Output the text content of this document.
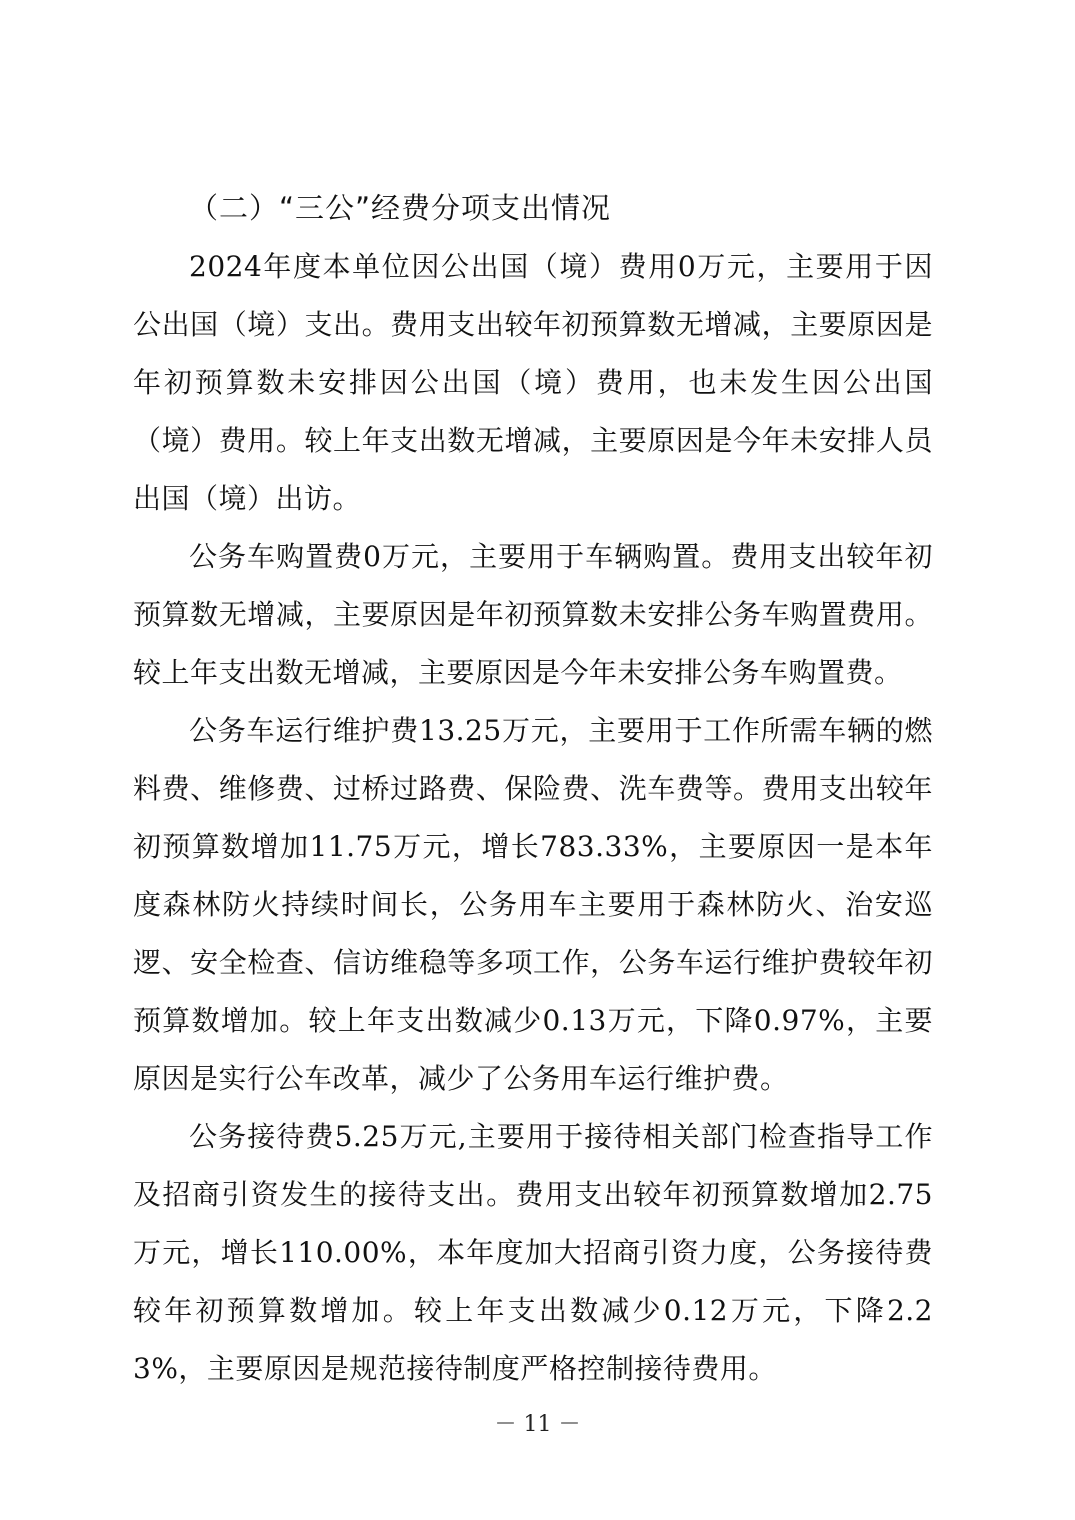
（二）“三公”经费分项支出情况

2024年度本单位因公出国（境）费用0万元，主要用于因公出国（境）支出。费用支出较年初预算数无增减，主要原因是年初预算数未安排因公出国（境）费用，也未发生因公出国（境）费用。较上年支出数无增减，主要原因是今年未安排人员出国（境）出访。

公务车购置费0万元，主要用于车辆购置。费用支出较年初预算数无增减，主要原因是年初预算数未安排公务车购置费用。较上年支出数无增减，主要原因是今年未安排公务车购置费。

公务车运行维护费13.25万元，主要用于工作所需车辆的燃料费、维修费、过桥过路费、保险费、洗车费等。费用支出较年初预算数增加11.75万元，增长783.33%，主要原因一是本年度森林防火持续时间长，公务用车主要用于森林防火、治安巡逻、安全检查、信访维稳等多项工作，公务车运行维护费较年初预算数增加。较上年支出数减少0.13万元，下降0.97%，主要原因是实行公车改革，减少了公务用车运行维护费。

公务接待费5.25万元,主要用于接待相关部门检查指导工作及招商引资发生的接待支出。费用支出较年初预算数增加2.75万元，增长110.00%，本年度加大招商引资力度，公务接待费较年初预算数增加。较上年支出数减少0.12万元，下降2.23%，主要原因是规范接待制度严格控制接待费用。

－ 11 －
